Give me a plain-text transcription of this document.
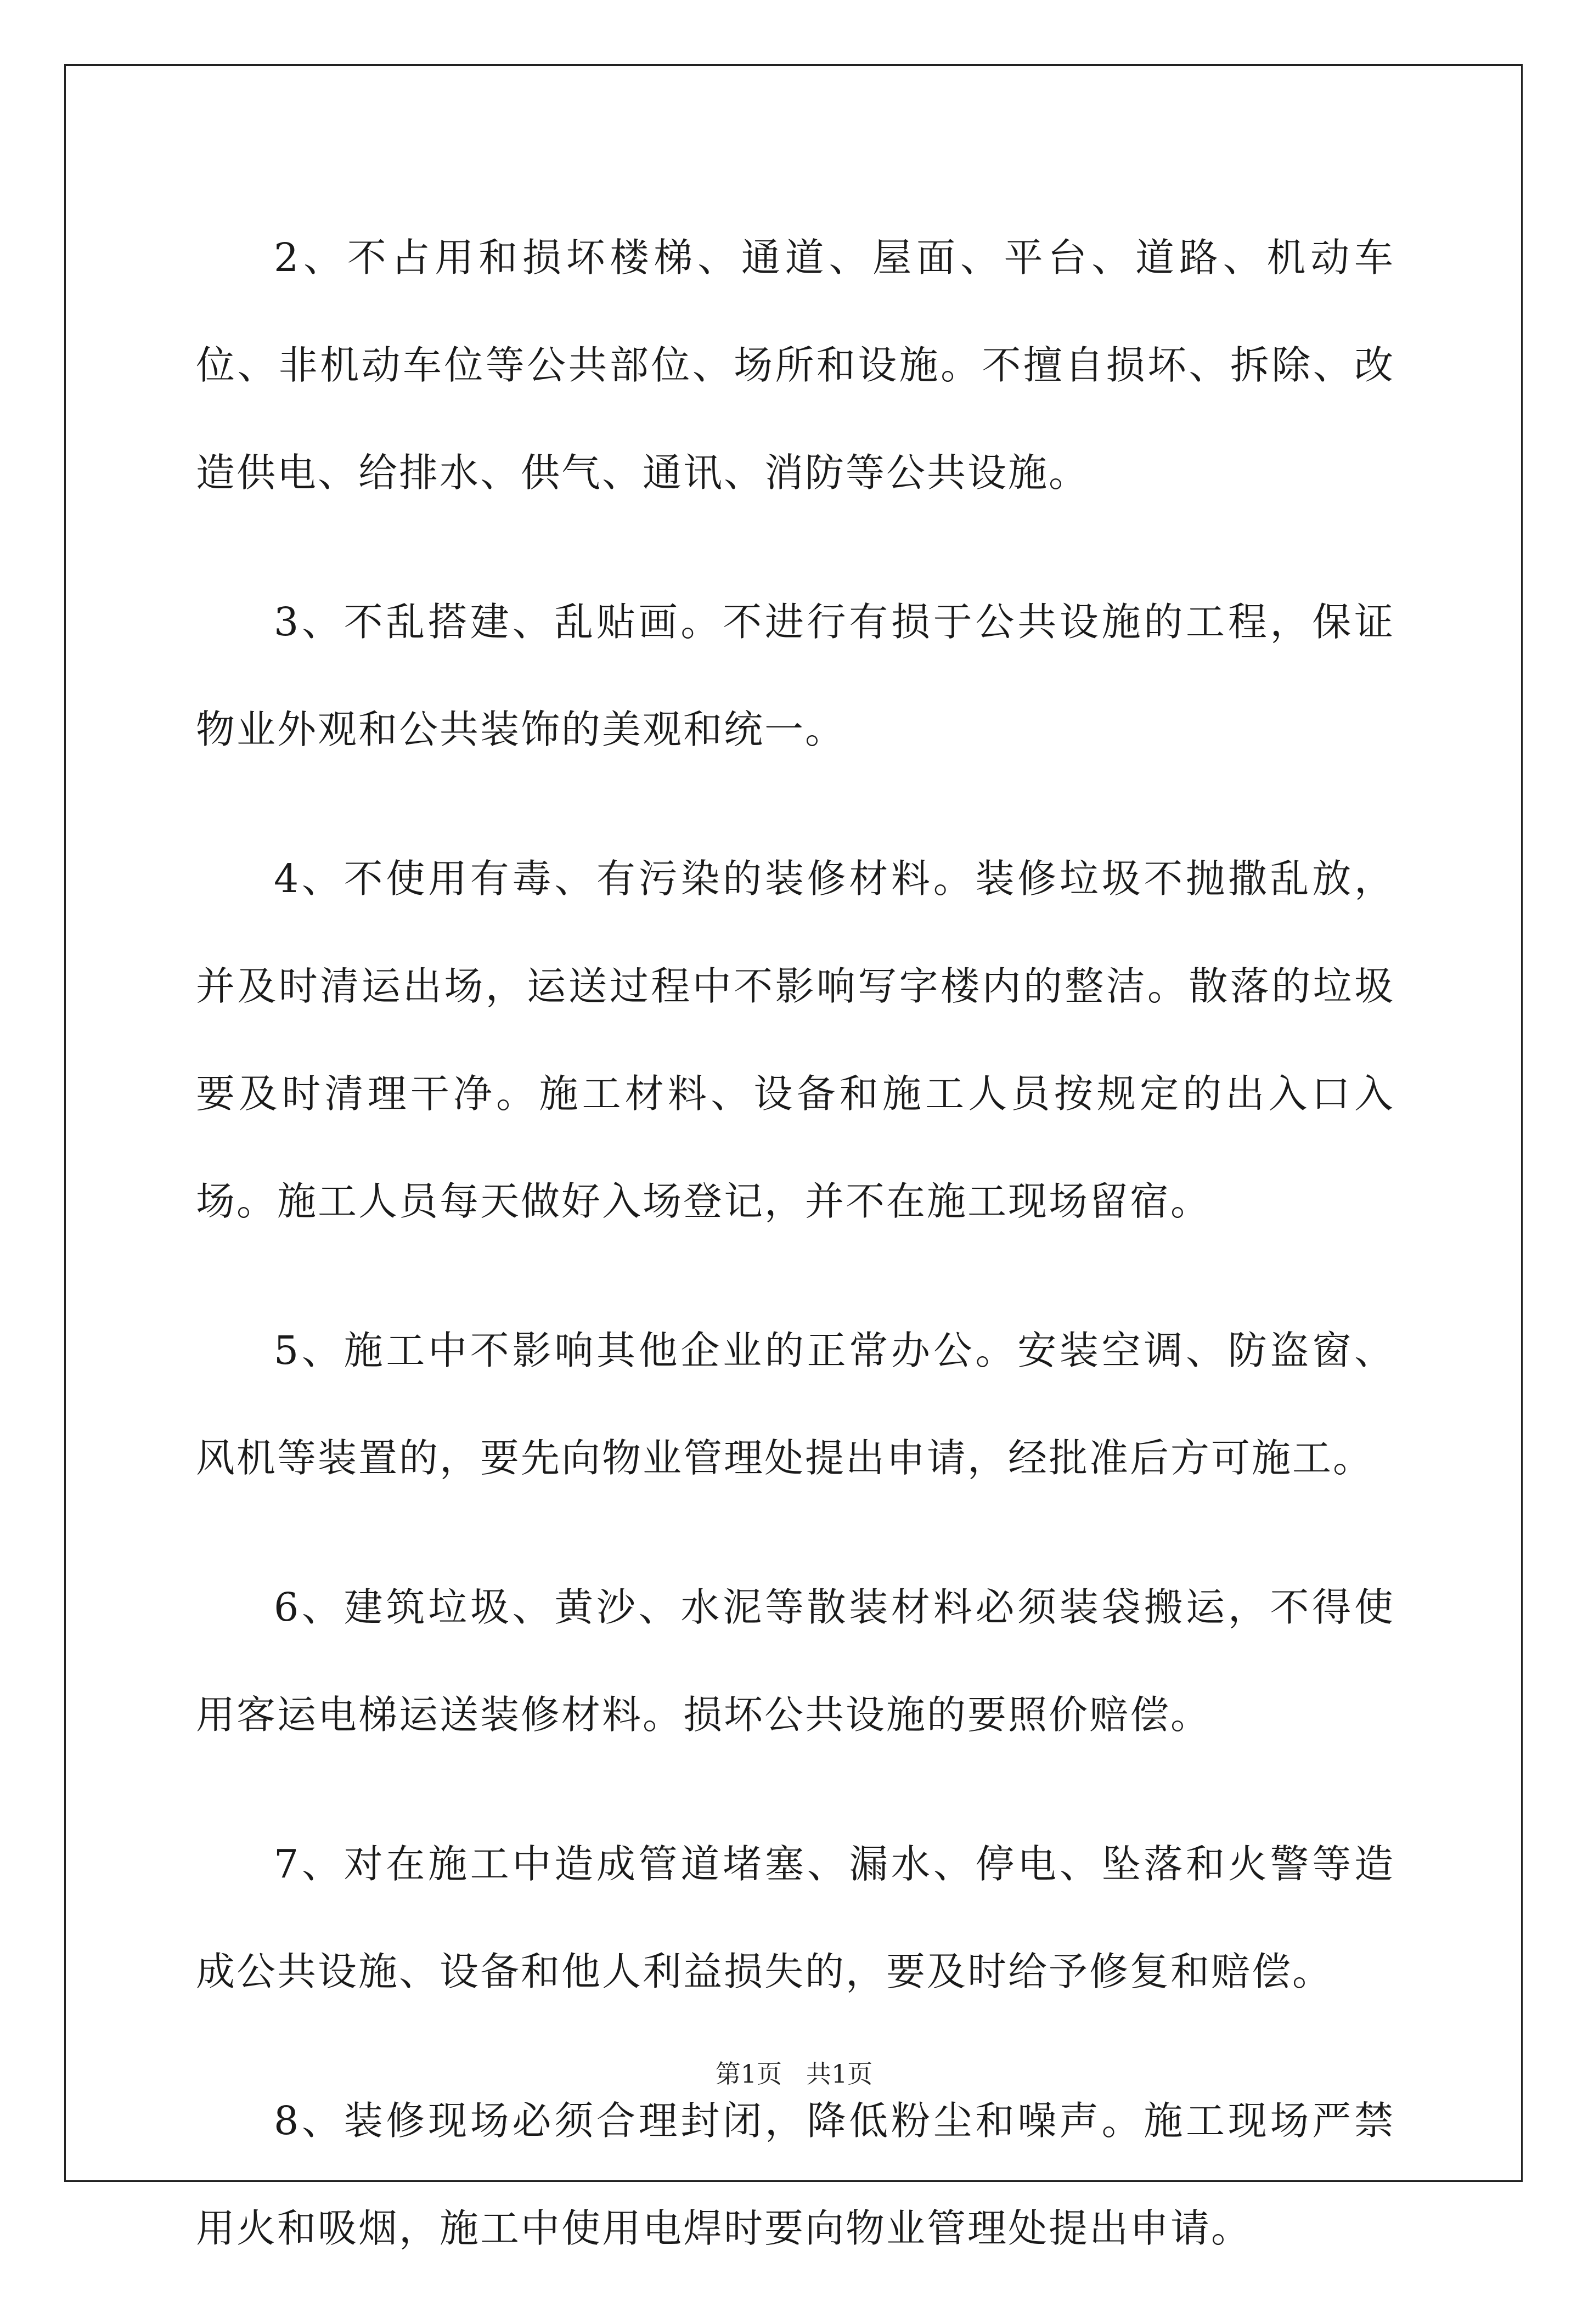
2、不占用和损坏楼梯、通道、屋面、平台、道路、机动车位、非机动车位等公共部位、场所和设施。不擅自损坏、拆除、改造供电、给排水、供气、通讯、消防等公共设施。

3、不乱搭建、乱贴画。不进行有损于公共设施的工程，保证物业外观和公共装饰的美观和统一。

4、不使用有毒、有污染的装修材料。装修垃圾不抛撒乱放，并及时清运出场，运送过程中不影响写字楼内的整洁。散落的垃圾要及时清理干净。施工材料、设备和施工人员按规定的出入口入场。施工人员每天做好入场登记，并不在施工现场留宿。

5、施工中不影响其他企业的正常办公。安装空调、防盗窗、风机等装置的，要先向物业管理处提出申请，经批准后方可施工。

6、建筑垃圾、黄沙、水泥等散装材料必须装袋搬运，不得使用客运电梯运送装修材料。损坏公共设施的要照价赔偿。

7、对在施工中造成管道堵塞、漏水、停电、坠落和火警等造成公共设施、设备和他人利益损失的，要及时给予修复和赔偿。

8、装修现场必须合理封闭，降低粉尘和噪声。施工现场严禁用火和吸烟，施工中使用电焊时要向物业管理处提出申请。

第1页 共1页
